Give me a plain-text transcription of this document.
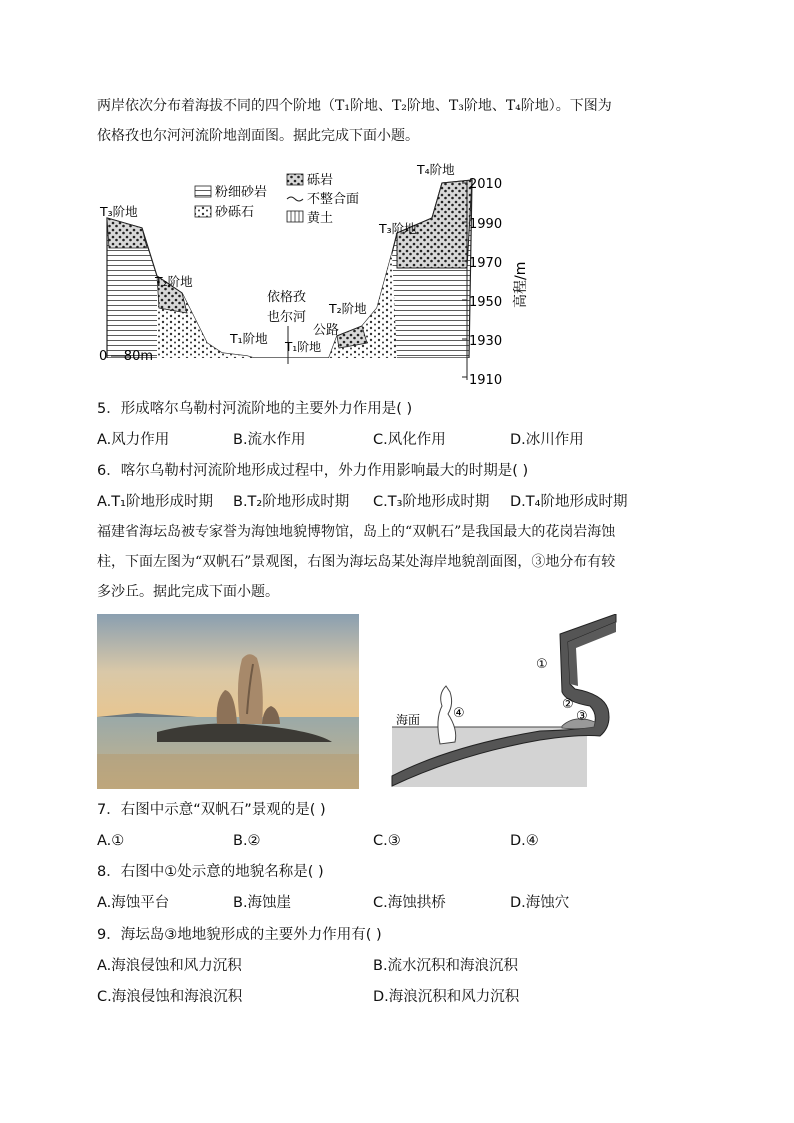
两岸依次分布着海拔不同的四个阶地（T₁阶地、T₂阶地、T₃阶地、T₄阶地）。下图为
依格孜也尔河河流阶地剖面图。据此完成下面小题。
粉细砂岩
砂砾石
砾岩
不整合面
黄土
T₃阶地
T₂阶地
T₁阶地
依格孜
也尔河
T₁阶地
公路
T₂阶地
T₃阶地
T₄阶地
0    80m
2010
1990
1970
1950
1930
1910
高程/m
5．形成喀尔乌勒村河流阶地的主要外力作用是( )
A.风力作用	B.流水作用	C.风化作用	D.冰川作用
6．喀尔乌勒村河流阶地形成过程中，外力作用影响最大的时期是( )
A.T₁阶地形成时期 B.T₂阶地形成时期 C.T₃阶地形成时期 D.T₄阶地形成时期
福建省海坛岛被专家誉为海蚀地貌博物馆，岛上的“双帆石”是我国最大的花岗岩海蚀
柱，下面左图为“双帆石”景观图，右图为海坛岛某处海岸地貌剖面图，③地分布有较
多沙丘。据此完成下面小题。
海面
①
②
③
④
7．右图中示意“双帆石”景观的是( )
A.①	B.②	C.③	D.④
8．右图中①处示意的地貌名称是( )
A.海蚀平台	B.海蚀崖	C.海蚀拱桥	D.海蚀穴
9．海坛岛③地地貌形成的主要外力作用有( )
A.海浪侵蚀和风力沉积	B.流水沉积和海浪沉积
C.海浪侵蚀和海浪沉积	D.海浪沉积和风力沉积
